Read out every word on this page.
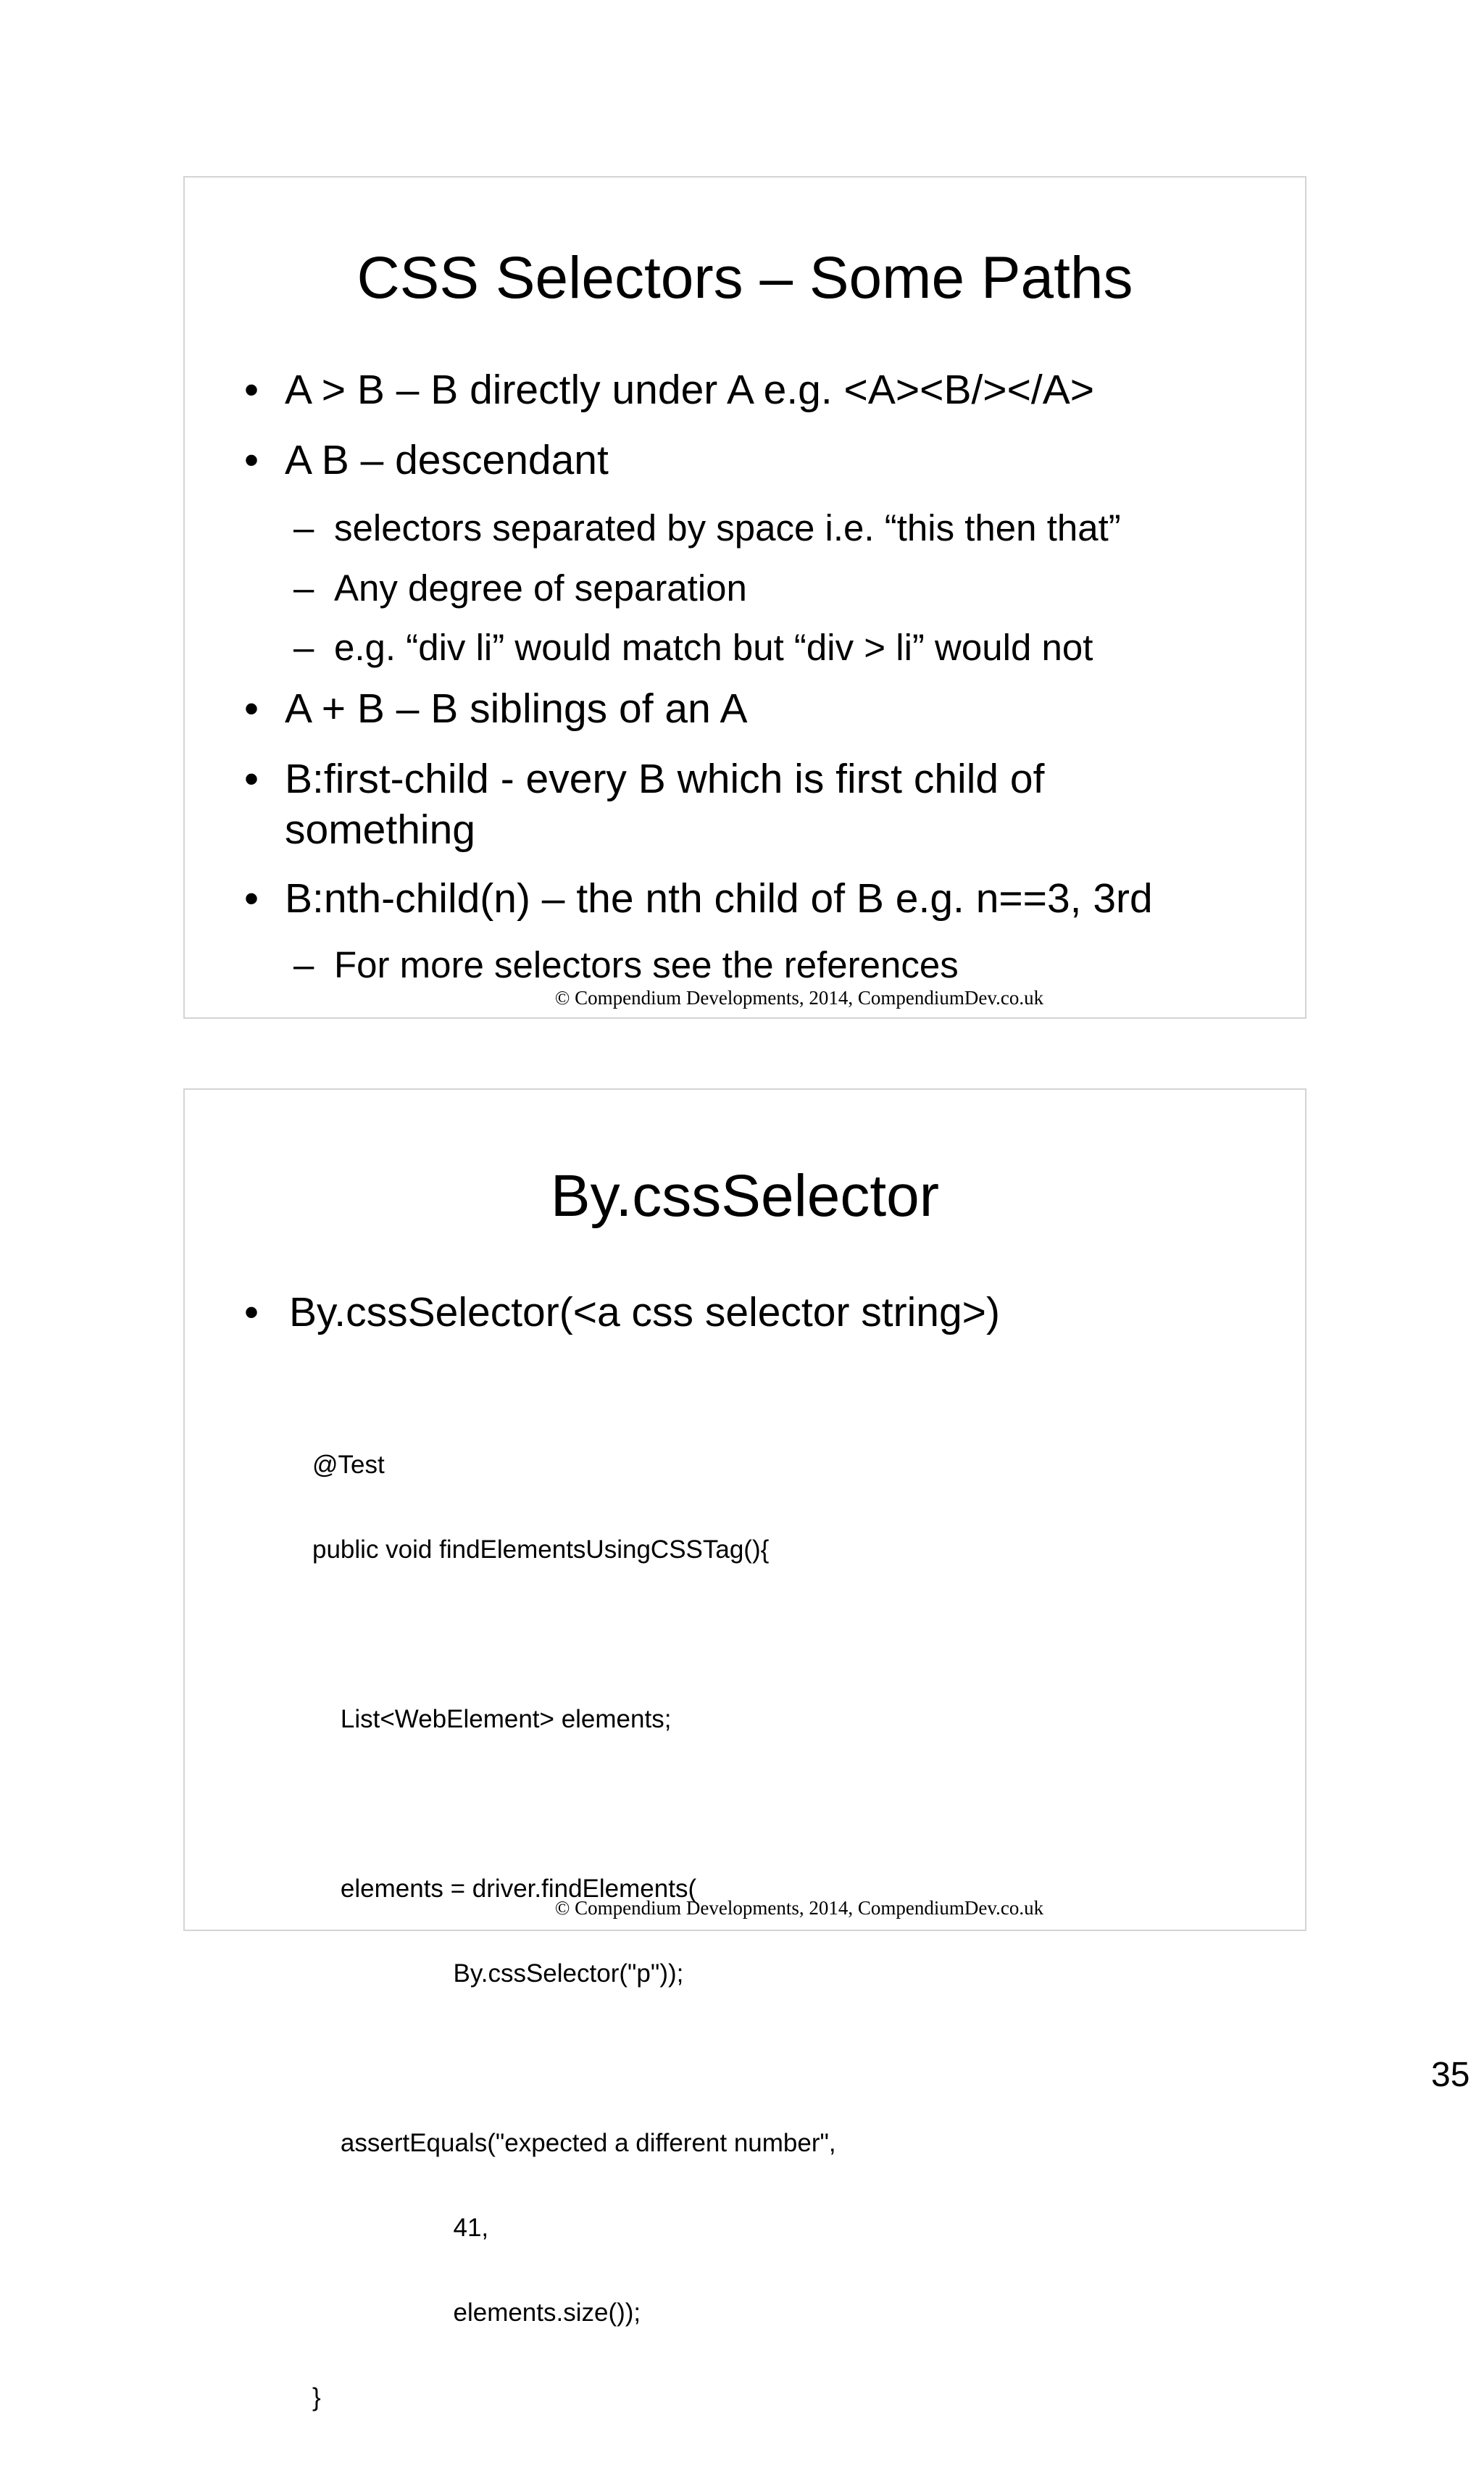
CSS Selectors – Some Paths
• A > B – B directly under A e.g. <A><B/></A>
• A B – descendant
– selectors separated by space i.e. “this then that”
– Any degree of separation
– e.g. “div li” would match but “div > li” would not
• A + B – B siblings of an A
• B:first-child - every B which is first child of
something
• B:nth-child(n) – the nth child of B e.g. n==3, 3rd
– For more selectors see the references
© Compendium Developments, 2014, CompendiumDev.co.uk
By.cssSelector
• By.cssSelector(<a css selector string>)

@Test

public void findElementsUsingCSSTag(){

List<WebElement> elements;

elements = driver.findElements(

By.cssSelector("p"));

assertEquals("expected a different number",

41,

elements.size());

}

© Compendium Developments, 2014, CompendiumDev.co.uk
35
